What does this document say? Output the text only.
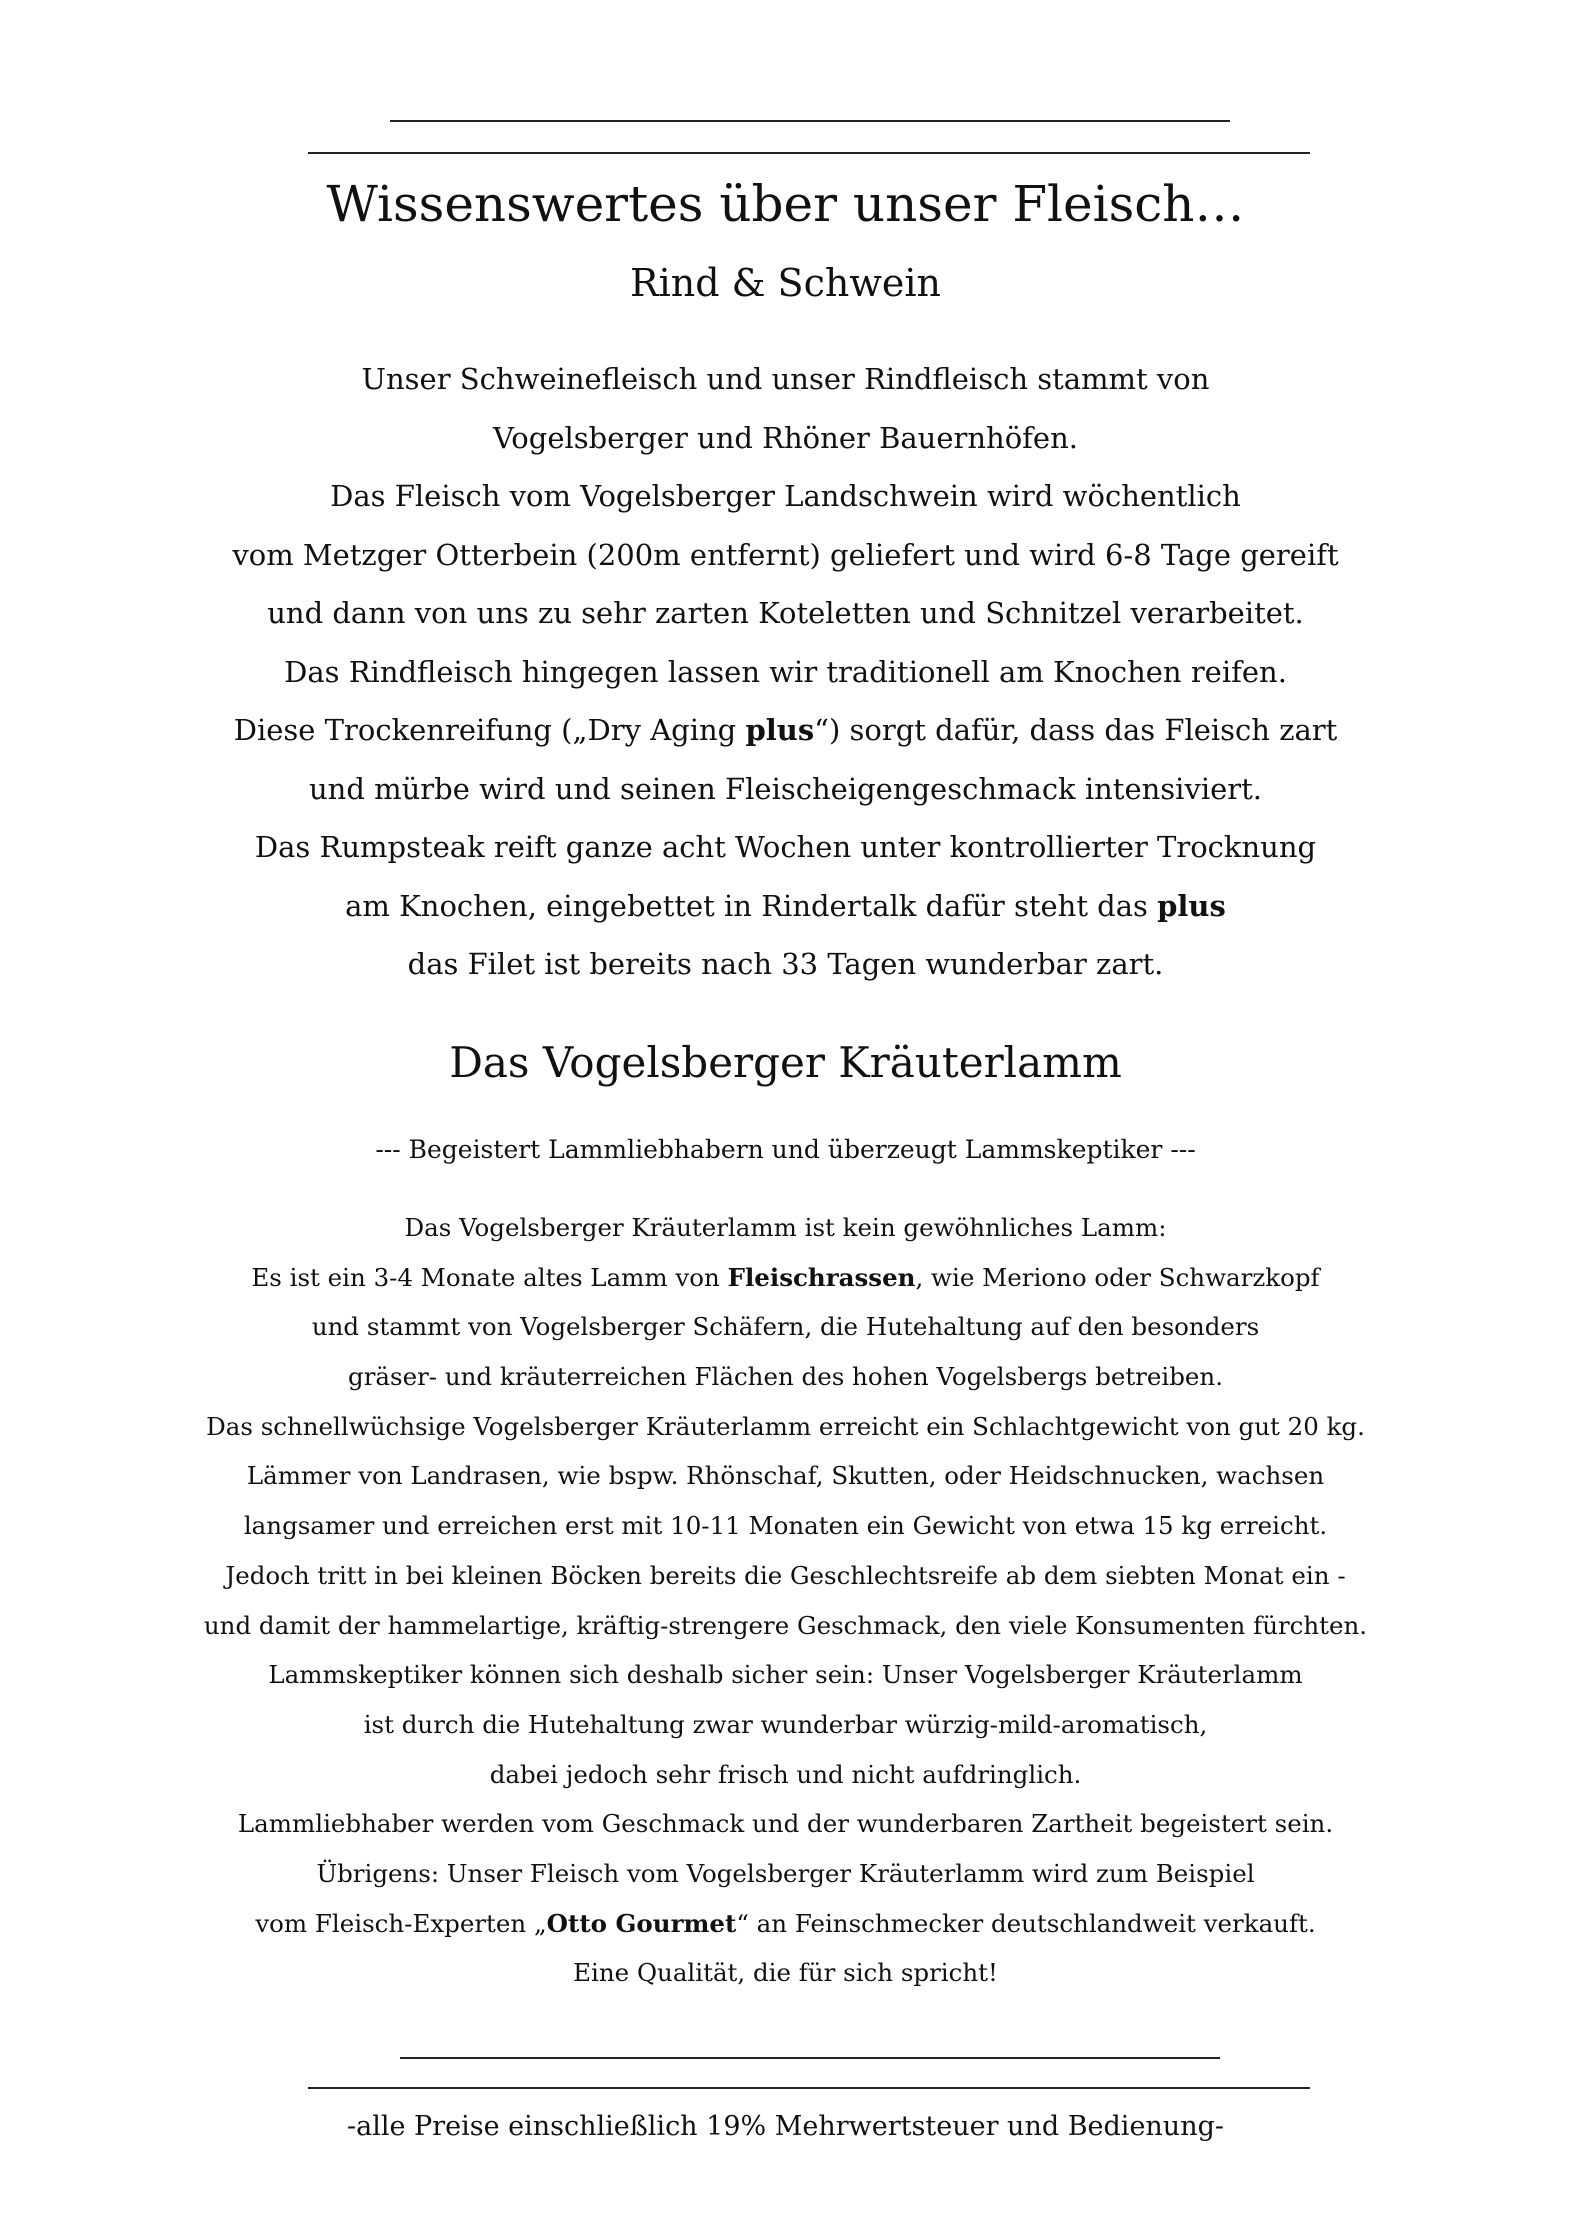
Wissenswertes über unser Fleisch…
Rind & Schwein
Unser Schweinefleisch und unser Rindfleisch stammt von
Vogelsberger und Rhöner Bauernhöfen.
Das Fleisch vom Vogelsberger Landschwein wird wöchentlich
vom Metzger Otterbein (200m entfernt) geliefert und wird 6-8 Tage gereift
und dann von uns zu sehr zarten Koteletten und Schnitzel verarbeitet.
Das Rindfleisch hingegen lassen wir traditionell am Knochen reifen.
Diese Trockenreifung („Dry Aging plus“) sorgt dafür, dass das Fleisch zart
und mürbe wird und seinen Fleischeigengeschmack intensiviert.
Das Rumpsteak reift ganze acht Wochen unter kontrollierter Trocknung
am Knochen, eingebettet in Rindertalk dafür steht das plus
das Filet ist bereits nach 33 Tagen wunderbar zart.
Das Vogelsberger Kräuterlamm
--- Begeistert Lammliebhabern und überzeugt Lammskeptiker ---
Das Vogelsberger Kräuterlamm ist kein gewöhnliches Lamm:
Es ist ein 3-4 Monate altes Lamm von Fleischrassen, wie Meriono oder Schwarzkopf
und stammt von Vogelsberger Schäfern, die Hutehaltung auf den besonders
gräser- und kräuterreichen Flächen des hohen Vogelsbergs betreiben.
Das schnellwüchsige Vogelsberger Kräuterlamm erreicht ein Schlachtgewicht von gut 20 kg.
Lämmer von Landrasen, wie bspw. Rhönschaf, Skutten, oder Heidschnucken, wachsen
langsamer und erreichen erst mit 10-11 Monaten ein Gewicht von etwa 15 kg erreicht.
Jedoch tritt in bei kleinen Böcken bereits die Geschlechtsreife ab dem siebten Monat ein -
und damit der hammelartige, kräftig-strengere Geschmack, den viele Konsumenten fürchten.
Lammskeptiker können sich deshalb sicher sein: Unser Vogelsberger Kräuterlamm
ist durch die Hutehaltung zwar wunderbar würzig-mild-aromatisch,
dabei jedoch sehr frisch und nicht aufdringlich.
Lammliebhaber werden vom Geschmack und der wunderbaren Zartheit begeistert sein.
Übrigens: Unser Fleisch vom Vogelsberger Kräuterlamm wird zum Beispiel
vom Fleisch-Experten „Otto Gourmet“ an Feinschmecker deutschlandweit verkauft.
Eine Qualität, die für sich spricht!
-alle Preise einschließlich 19% Mehrwertsteuer und Bedienung-
